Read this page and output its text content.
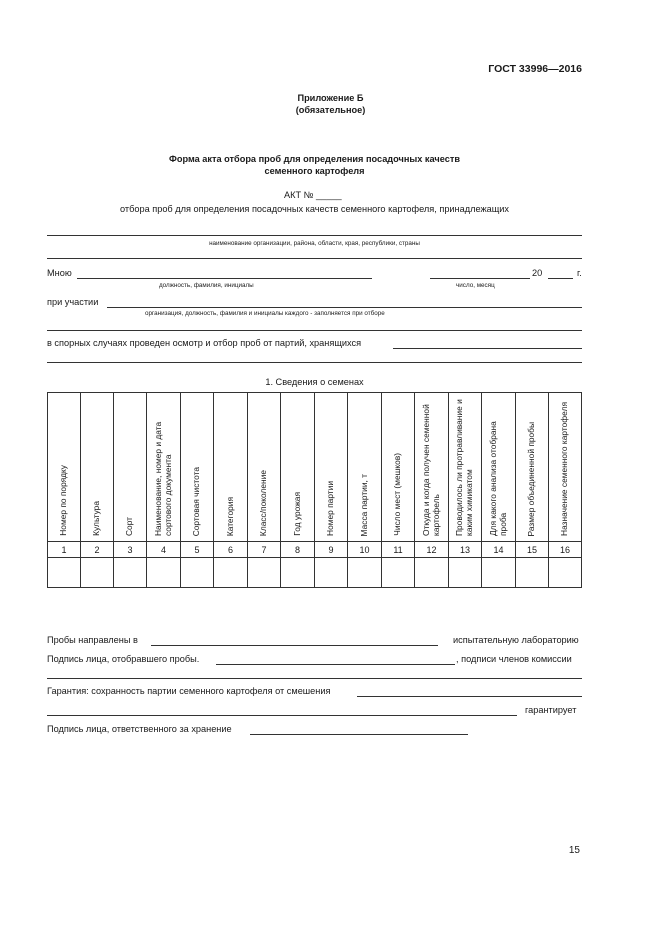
ГОСТ 33996—2016
Приложение Б
(обязательное)
Форма акта отбора проб для определения посадочных качеств
семенного картофеля
АКТ № _____
отбора проб для определения посадочных качеств семенного картофеля, принадлежащих
наименование организации, района, области, края, республики, страны
Мною	20	г.
должность, фамилия, инициалы	число, месяц
при участии
организация, должность, фамилия и инициалы каждого - заполняется при отборе
в спорных случаях проведен осмотр и отбор проб от партий, хранящихся
1. Сведения о семенах
Номер по порядку	Культура	Сорт	Наименование, номер и дата сортового документа	Сортовая чистота	Категория	Класс/поколение	Год урожая	Номер партии	Масса партии, т	Число мест (мешков)	Откуда и когда получен семенной картофель	Проводилось ли протравливание и каким химикатом	Для какого анализа отобрана проба	Размер объединенной пробы	Назначение семенного картофеля

1	2	3	4	5	6	7	8	9	10	11	12	13	14	15	16

Пробы направлены в	испытательную лабораторию
Подпись лица, отобравшего пробы.	, подписи членов комиссии
Гарантия: сохранность партии семенного картофеля от смешения
гарантирует
Подпись лица, ответственного за хранение
15
